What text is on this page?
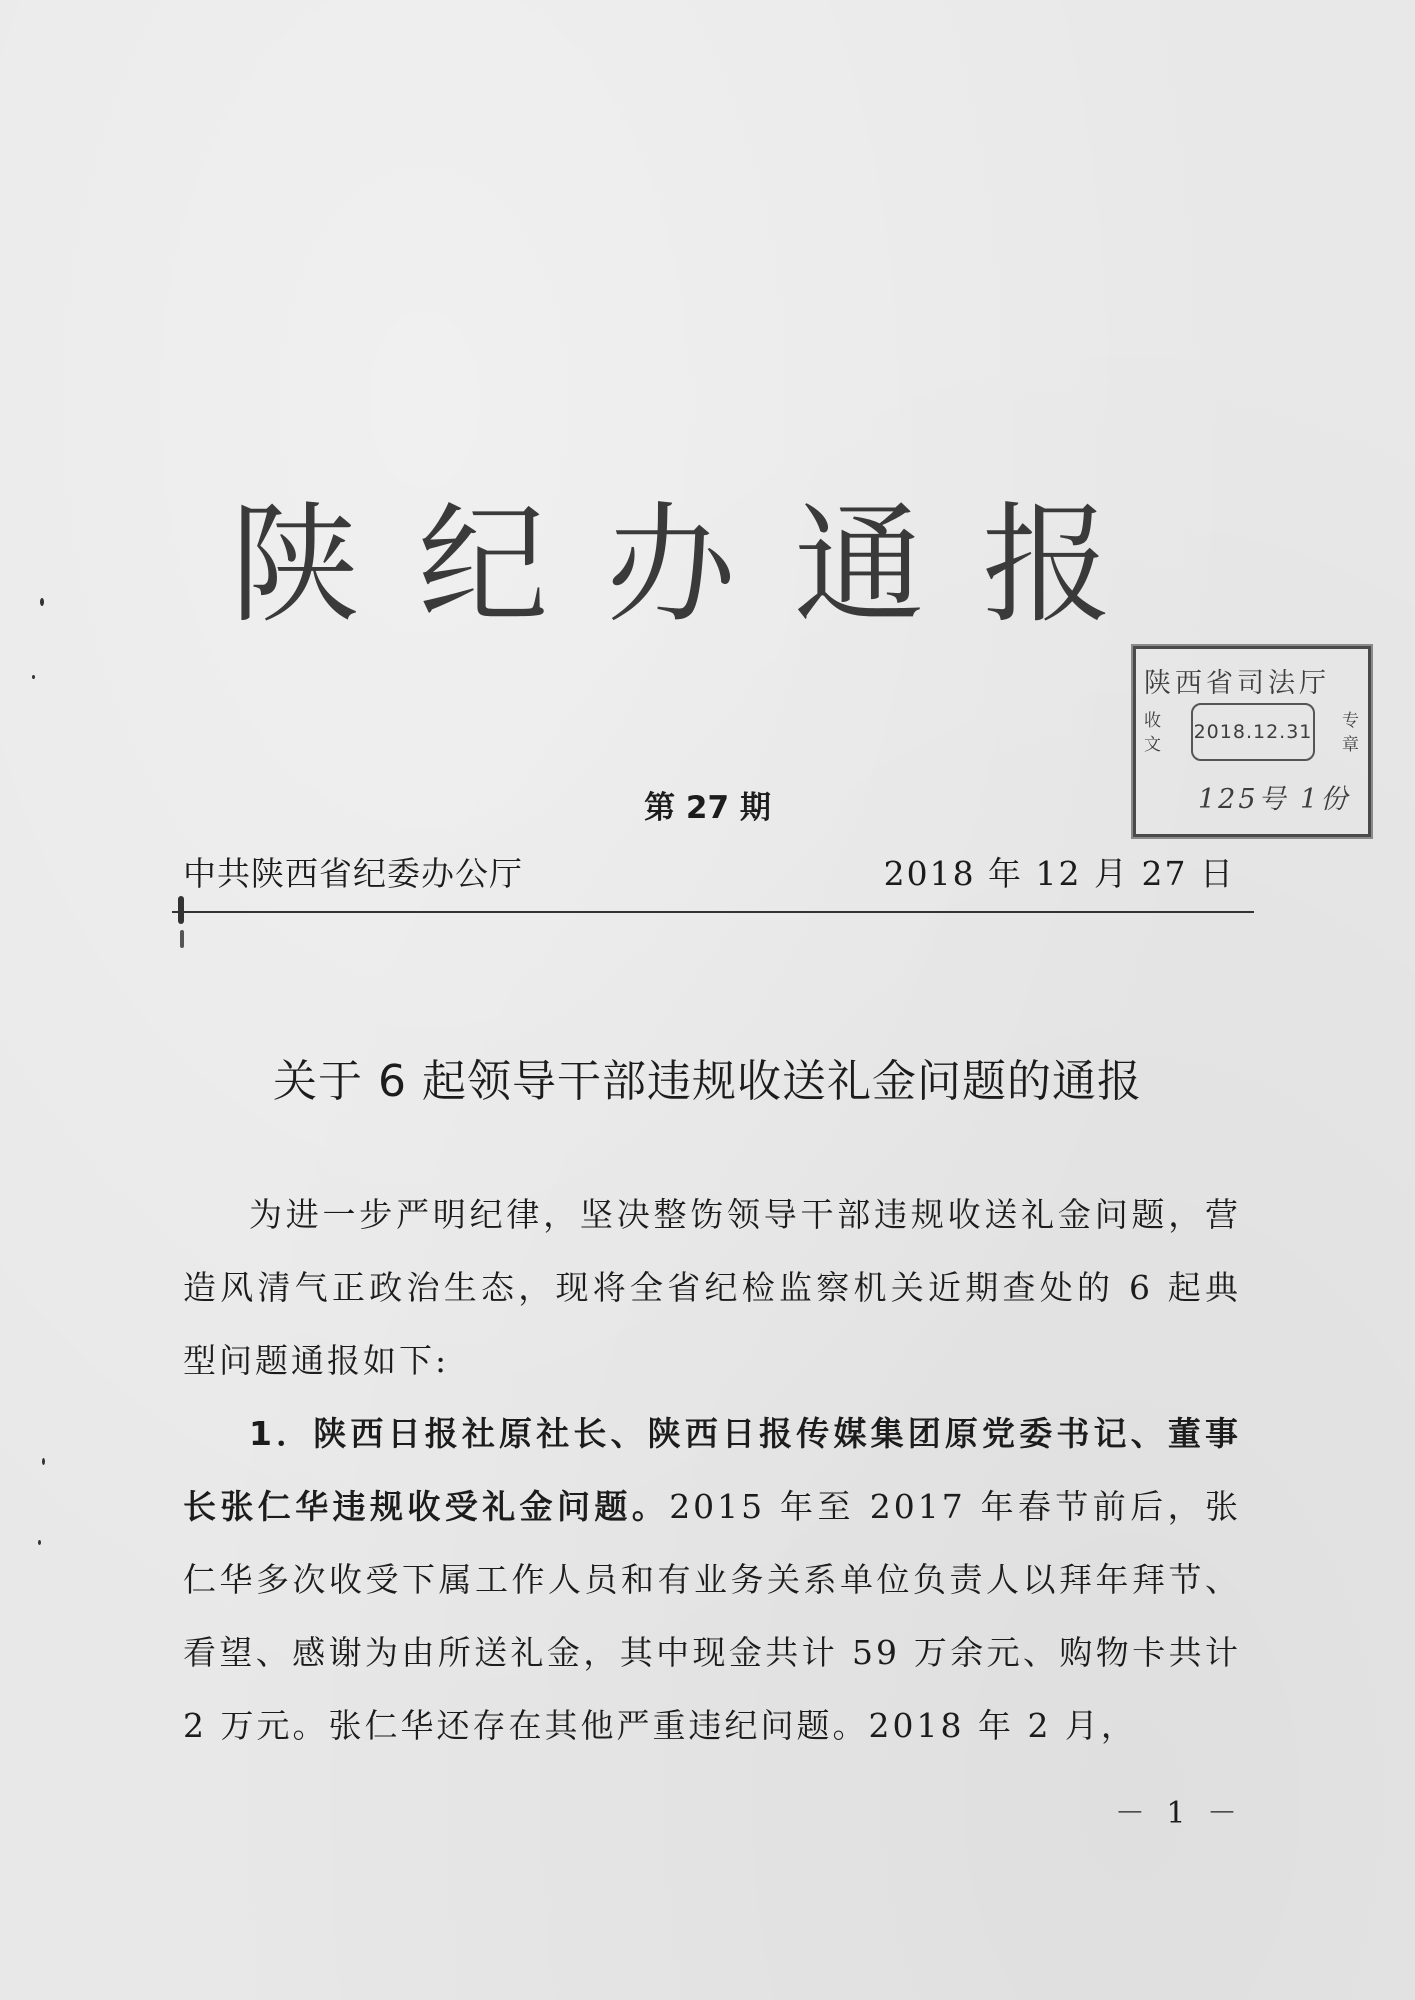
陕纪办通报
陕西省司法厅
收文
2018.12.31 专章
125号 1份
第 27 期
中共陕西省纪委办公厅	2018 年 12 月 27 日
关于 6 起领导干部违规收送礼金问题的通报

为进一步严明纪律，坚决整饬领导干部违规收送礼金问题，营造风清气正政治生态，现将全省纪检监察机关近期查处的 6 起典型问题通报如下:

1．陕西日报社原社长、陕西日报传媒集团原党委书记、董事长张仁华违规收受礼金问题。2015 年至 2017 年春节前后，张仁华多次收受下属工作人员和有业务关系单位负责人以拜年拜节、看望、感谢为由所送礼金，其中现金共计 59 万余元、购物卡共计 2 万元。张仁华还存在其他严重违纪问题。2018 年 2 月，

－ 1 －
